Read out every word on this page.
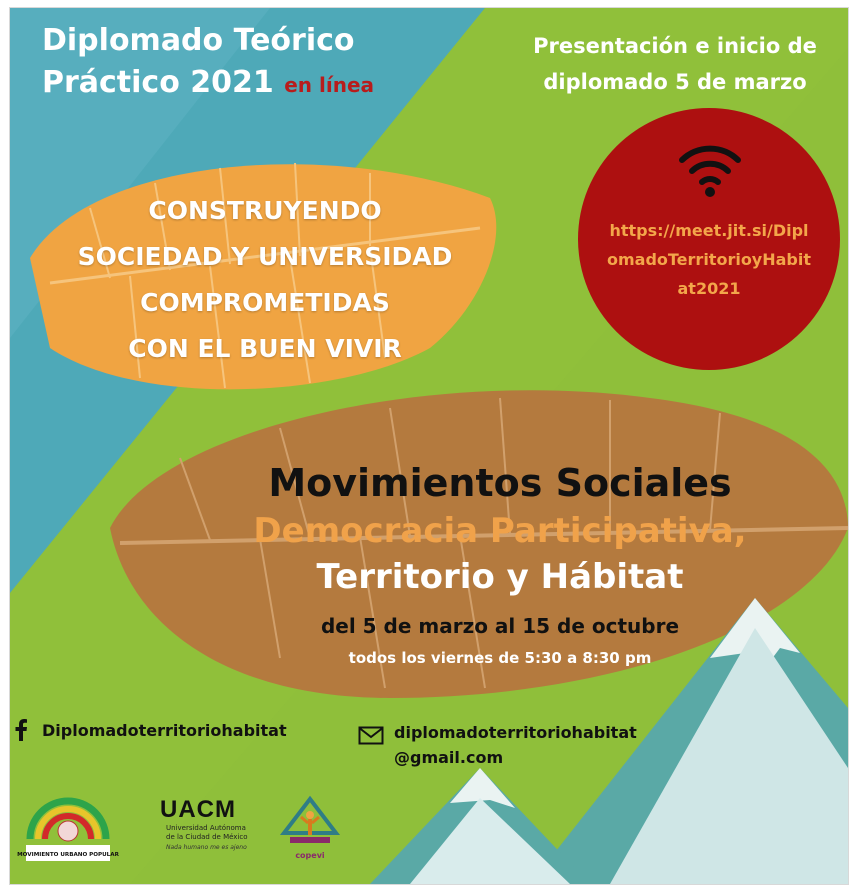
Diplomado Teórico
Práctico 2021 en línea
Presentación e inicio de
diplomado 5 de marzo
https://meet.jit.si/Dipl
omadoTerritorioyHabit
at2021
CONSTRUYENDO
SOCIEDAD Y UNIVERSIDAD
COMPROMETIDAS
CON EL BUEN VIVIR
Movimientos Sociales
Democracia Participativa,
Territorio y Hábitat
del 5 de marzo al 15 de octubre
todos los viernes de 5:30 a 8:30 pm
Diplomadoterritoriohabitat	diplomadoterritoriohabitat
@gmail.com
MOVIMIENTO URBANO POPULAR
UACM
Universidad Autónoma
de la Ciudad de México
Nada humano me es ajeno
copevi
